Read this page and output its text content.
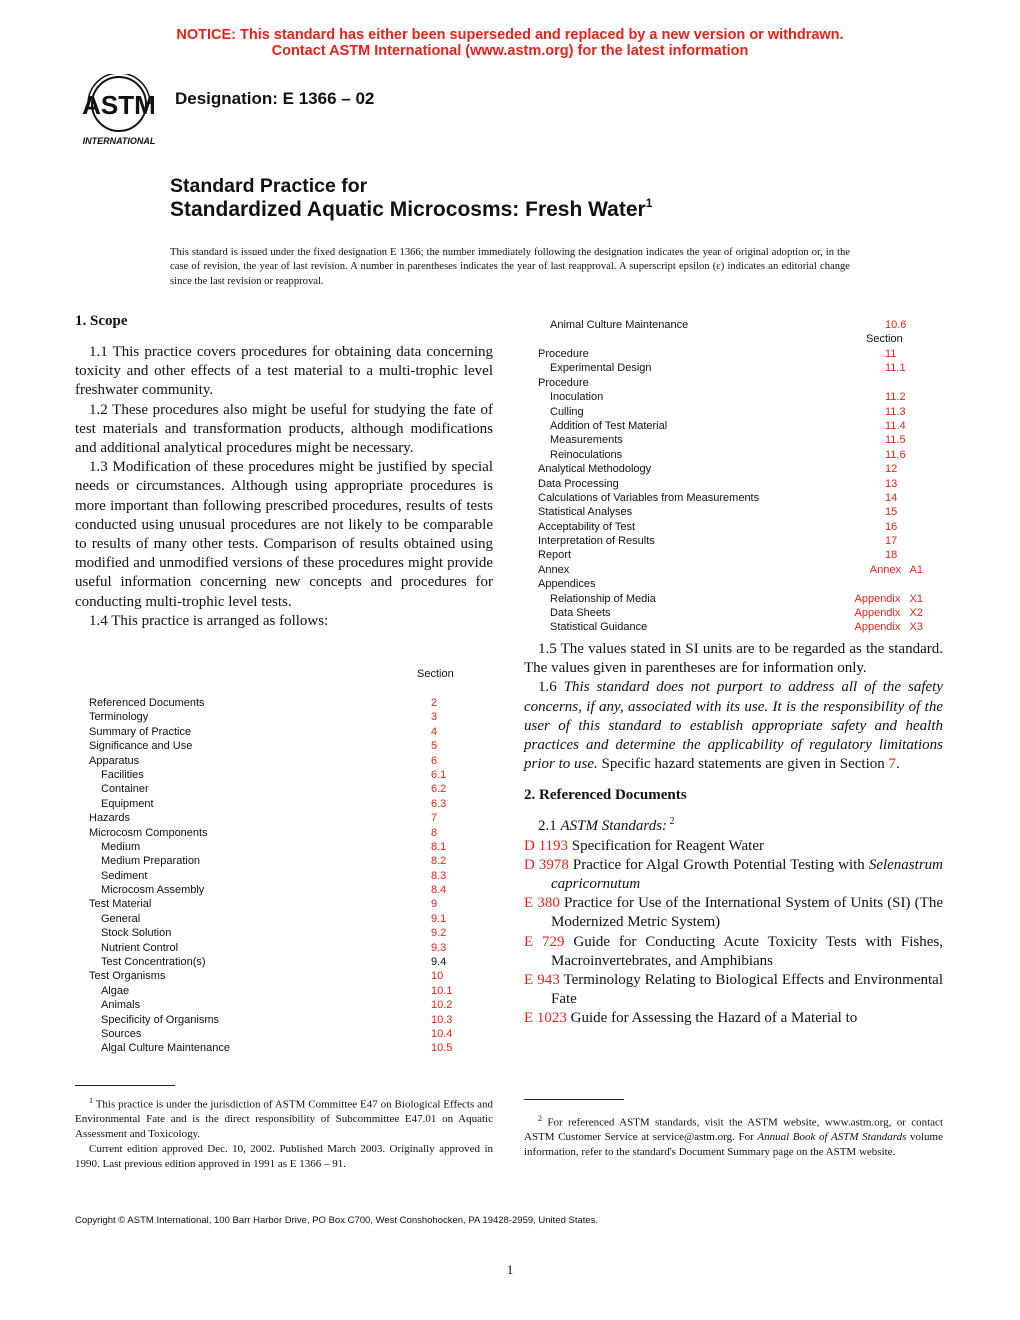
NOTICE: This standard has either been superseded and replaced by a new version or withdrawn.
Contact ASTM International (www.astm.org) for the latest information
ASTM
INTERNATIONAL
Designation: E 1366 – 02
Standard Practice for
Standardized Aquatic Microcosms: Fresh Water$^1$
This standard is issued under the fixed designation E 1366; the number immediately following the designation indicates the year of original adoption or, in the case of revision, the year of last revision. A number in parentheses indicates the year of last reapproval. A superscript epsilon (ε) indicates an editorial change since the last revision or reapproval.
1. Scope

1.1 This practice covers procedures for obtaining data concerning toxicity and other effects of a test material to a multi-trophic level freshwater community.

1.2 These procedures also might be useful for studying the fate of test materials and transformation products, although modifications and additional analytical procedures might be necessary.

1.3 Modification of these procedures might be justified by special needs or circumstances. Although using appropriate procedures is more important than following prescribed procedures, results of tests conducted using unusual procedures are not likely to be comparable to results of many other tests. Comparison of results obtained using modified and unmodified versions of these procedures might provide useful information concerning new concepts and procedures for conducting multi-trophic level tests.

1.4 This practice is arranged as follows:

Section
Referenced Documents	2
Terminology	3
Summary of Practice	4
Significance and Use	5
Apparatus	6
Facilities	6.1
Container	6.2
Equipment	6.3
Hazards	7
Microcosm Components	8
Medium	8.1
Medium Preparation	8.2
Sediment	8.3
Microcosm Assembly	8.4
Test Material	9
General	9.1
Stock Solution	9.2
Nutrient Control	9.3
Test Concentration(s)	9.4
Test Organisms	10
Algae	10.1
Animals	10.2
Specificity of Organisms	10.3
Sources	10.4
Algal Culture Maintenance	10.5
Animal Culture Maintenance	10.6
Section
Procedure	11
Experimental Design	11.1
Procedure
Inoculation	11.2
Culling	11.3
Addition of Test Material	11.4
Measurements	11.5
Reinoculations	11.6
Analytical Methodology	12
Data Processing	13
Calculations of Variables from Measurements	14
Statistical Analyses	15
Acceptability of Test	16
Interpretation of Results	17
Report	18
Annex	Annex   A1
Appendices
Relationship of Media	Appendix   X1
Data Sheets	Appendix   X2
Statistical Guidance	Appendix   X3

1.5 The values stated in SI units are to be regarded as the standard. The values given in parentheses are for information only.

1.6 This standard does not purport to address all of the safety concerns, if any, associated with its use. It is the responsibility of the user of this standard to establish appropriate safety and health practices and determine the applicability of regulatory limitations prior to use. Specific hazard statements are given in Section 7.

2. Referenced Documents
2.1 ASTM Standards: $^2$
D 1193 Specification for Reagent Water
D 3978 Practice for Algal Growth Potential Testing with Selenastrum capricornutum
E 380 Practice for Use of the International System of Units (SI) (The Modernized Metric System)
E 729 Guide for Conducting Acute Toxicity Tests with Fishes, Macroinvertebrates, and Amphibians
E 943 Terminology Relating to Biological Effects and Environmental Fate
E 1023 Guide for Assessing the Hazard of a Material to

$^1$ This practice is under the jurisdiction of ASTM Committee E47 on Biological Effects and Environmental Fate and is the direct responsibility of Subcommittee E47.01 on Aquatic Assessment and Toxicology.

Current edition approved Dec. 10, 2002. Published March 2003. Originally approved in 1990. Last previous edition approved in 1991 as E 1366 – 91.

$^2$ For referenced ASTM standards, visit the ASTM website, www.astm.org, or contact ASTM Customer Service at service@astm.org. For Annual Book of ASTM Standards volume information, refer to the standard's Document Summary page on the ASTM website.

Copyright © ASTM International, 100 Barr Harbor Drive, PO Box C700, West Conshohocken, PA 19428-2959, United States.
1
